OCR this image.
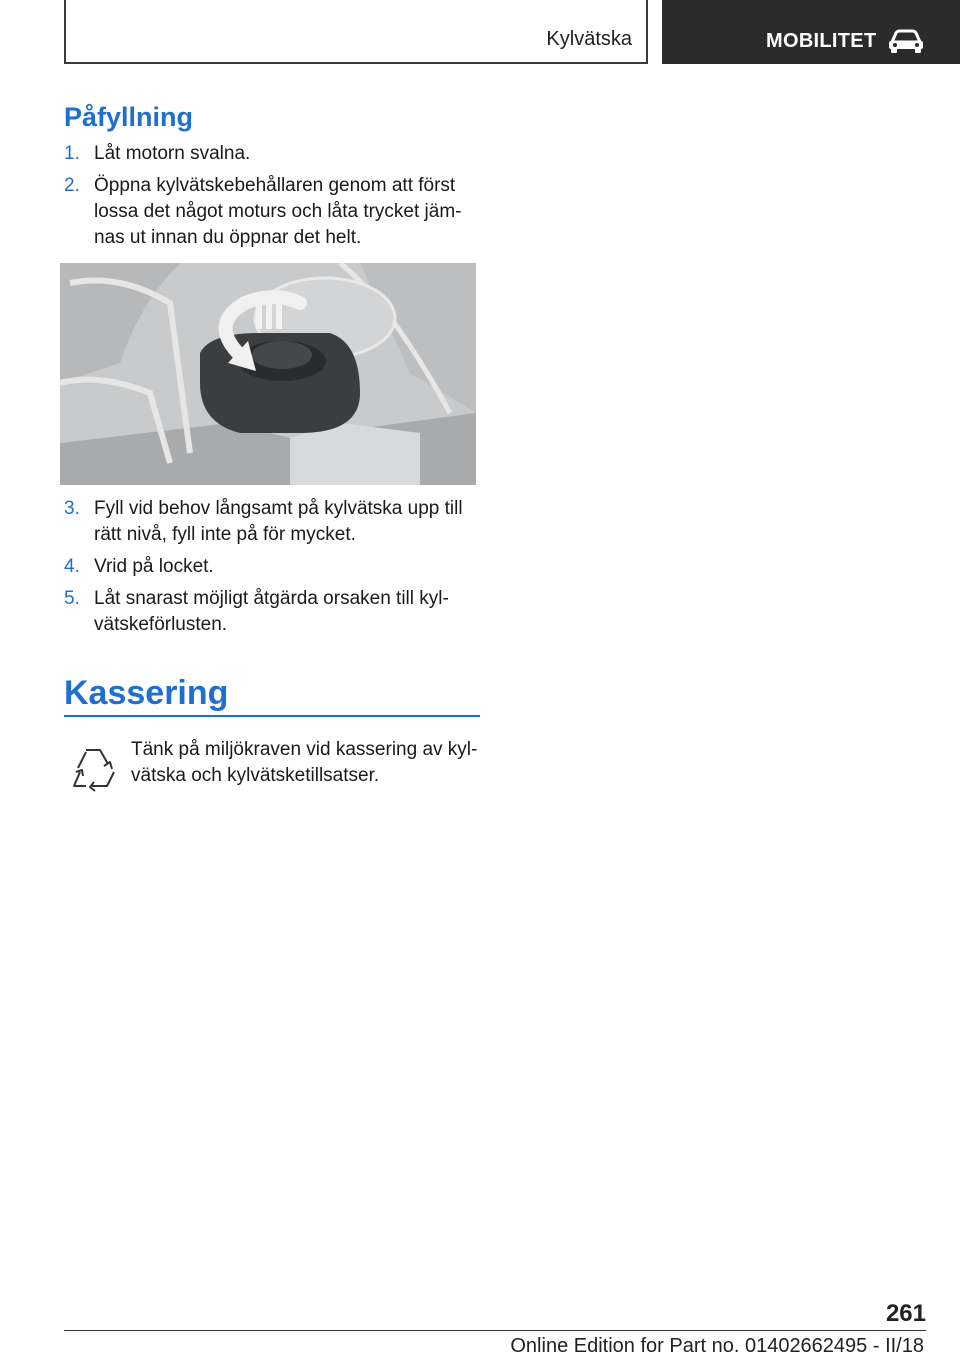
Kylvätska	MOBILITET
Påfyllning
1. Låt motorn svalna.
2. Öppna kylvätskebehållaren genom att först lossa det något moturs och låta trycket jämnas ut innan du öppnar det helt.
3. Fyll vid behov långsamt på kylvätska upp till rätt nivå, fyll inte på för mycket.
4. Vrid på locket.
5. Låt snarast möjligt åtgärda orsaken till kylvätskeförlusten.
Kassering
Tänk på miljökraven vid kassering av kylvätska och kylvätsketillsatser.
261
Online Edition for Part no. 01402662495 - II/18
